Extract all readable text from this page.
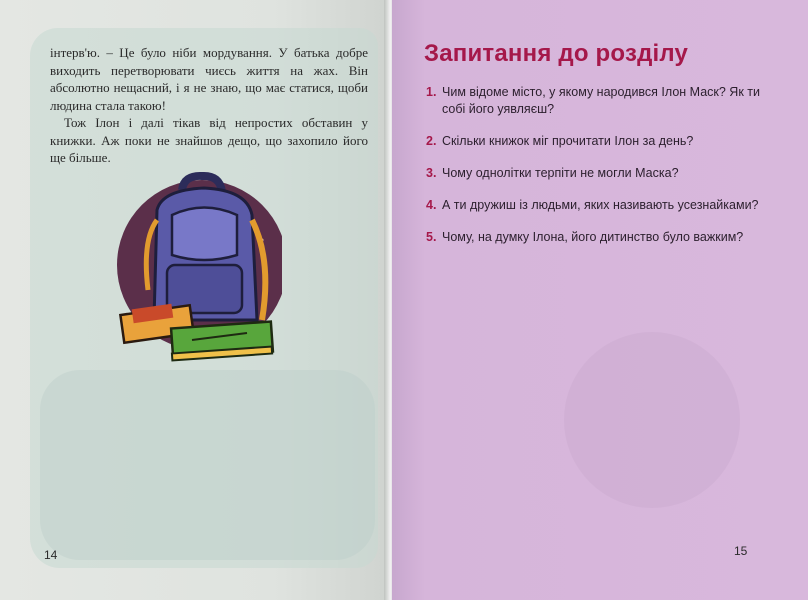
інтерв'ю. – Це було ніби мордування. У батька добре виходить перетворювати чиєсь життя на жах. Він абсолютно нещасний, і я не знаю, що має статися, щоби людина стала такою!

Тож Ілон і далі тікав від непростих обставин у книжки. Аж поки не знайшов дещо, що захопило його ще більше.

14
Запитання до розділу
1. Чим відоме місто, у якому народився Ілон Маск? Як ти собі його уявляєш?
2. Скільки книжок міг прочитати Ілон за день?
3. Чому однолітки терпіти не могли Маска?
4. А ти дружиш із людьми, яких називають усезнайками?
5. Чому, на думку Ілона, його дитинство було важким?
15
